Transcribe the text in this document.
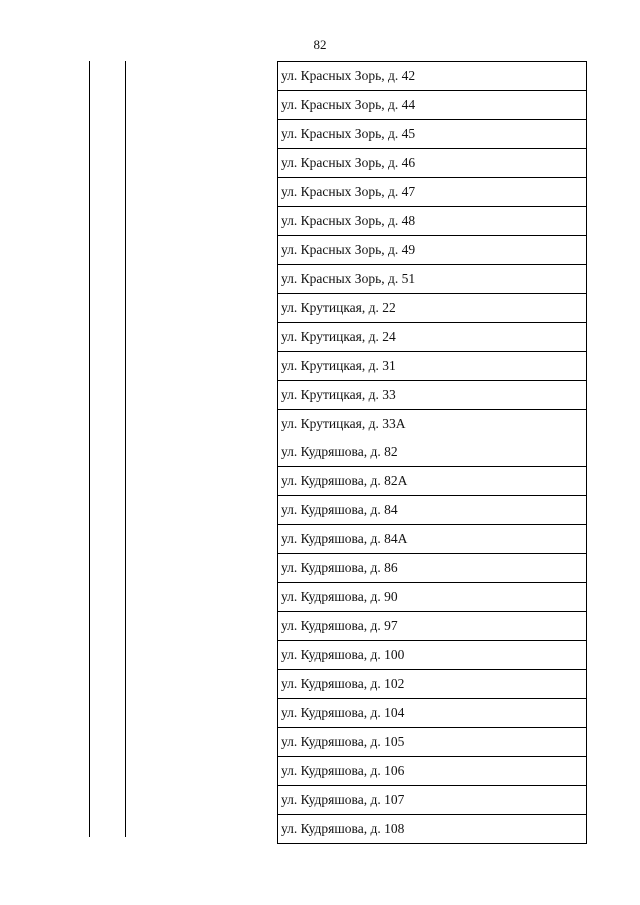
82
ул. Красных Зорь, д. 42
ул. Красных Зорь, д. 44
ул. Красных Зорь, д. 45
ул. Красных Зорь, д. 46
ул. Красных Зорь, д. 47
ул. Красных Зорь, д. 48
ул. Красных Зорь, д. 49
ул. Красных Зорь, д. 51
ул. Крутицкая, д. 22
ул. Крутицкая, д. 24
ул. Крутицкая, д. 31
ул. Крутицкая, д. 33
ул. Крутицкая, д. 33А
ул. Кудряшова, д. 82
ул. Кудряшова, д. 82А
ул. Кудряшова, д. 84
ул. Кудряшова, д. 84А
ул. Кудряшова, д. 86
ул. Кудряшова, д. 90
ул. Кудряшова, д. 97
ул. Кудряшова, д. 100
ул. Кудряшова, д. 102
ул. Кудряшова, д. 104
ул. Кудряшова, д. 105
ул. Кудряшова, д. 106
ул. Кудряшова, д. 107
ул. Кудряшова, д. 108
